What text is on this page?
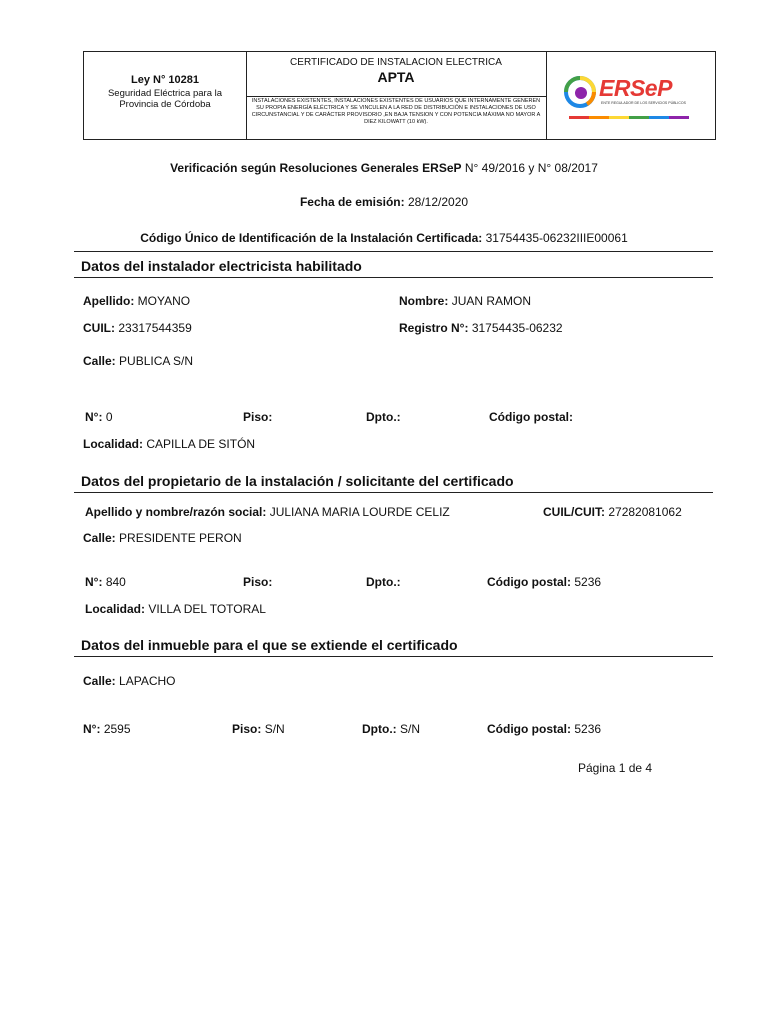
Ley N° 10281
Seguridad Eléctrica para la
Provincia de Córdoba
CERTIFICADO DE INSTALACION ELECTRICA
APTA
INSTALACIONES EXISTENTES, INSTALACIONES EXISTENTES DE USUARIOS QUE INTERNAMENTE GENEREN SU PROPIA ENERGÍA ELÉCTRICA Y SE VINCULEN A LA RED DE DISTRIBUCIÓN E INSTALACIONES DE USO CIRCUNSTANCIAL Y DE CARÁCTER PROVISORIO ,EN BAJA TENSION Y CON POTENCIA MÁXIMA NO MAYOR A DIEZ KILOWATT (10 kW).
ERSeP
ENTE REGULADOR DE LOS SERVICIOS PÚBLICOS
Verificación según Resoluciones Generales ERSeP N° 49/2016 y N° 08/2017
Fecha de emisión: 28/12/2020
Código Único de Identificación de la Instalación Certificada: 31754435-06232IIIE00061
Datos del instalador electricista habilitado
Apellido: MOYANO	Nombre: JUAN RAMON
CUIL: 23317544359	Registro N°: 31754435-06232
Calle: PUBLICA S/N
N°: 0	Piso:	Dpto.:	Código postal:
Localidad: CAPILLA DE SITÓN
Datos del propietario de la instalación / solicitante del certificado
Apellido y nombre/razón social: JULIANA MARIA LOURDE CELIZ	CUIL/CUIT: 27282081062
Calle: PRESIDENTE PERON
N°: 840	Piso:	Dpto.:	Código postal: 5236
Localidad: VILLA DEL TOTORAL
Datos del inmueble para el que se extiende el certificado
Calle: LAPACHO
N°: 2595	Piso: S/N	Dpto.: S/N	Código postal: 5236
Página 1 de 4
